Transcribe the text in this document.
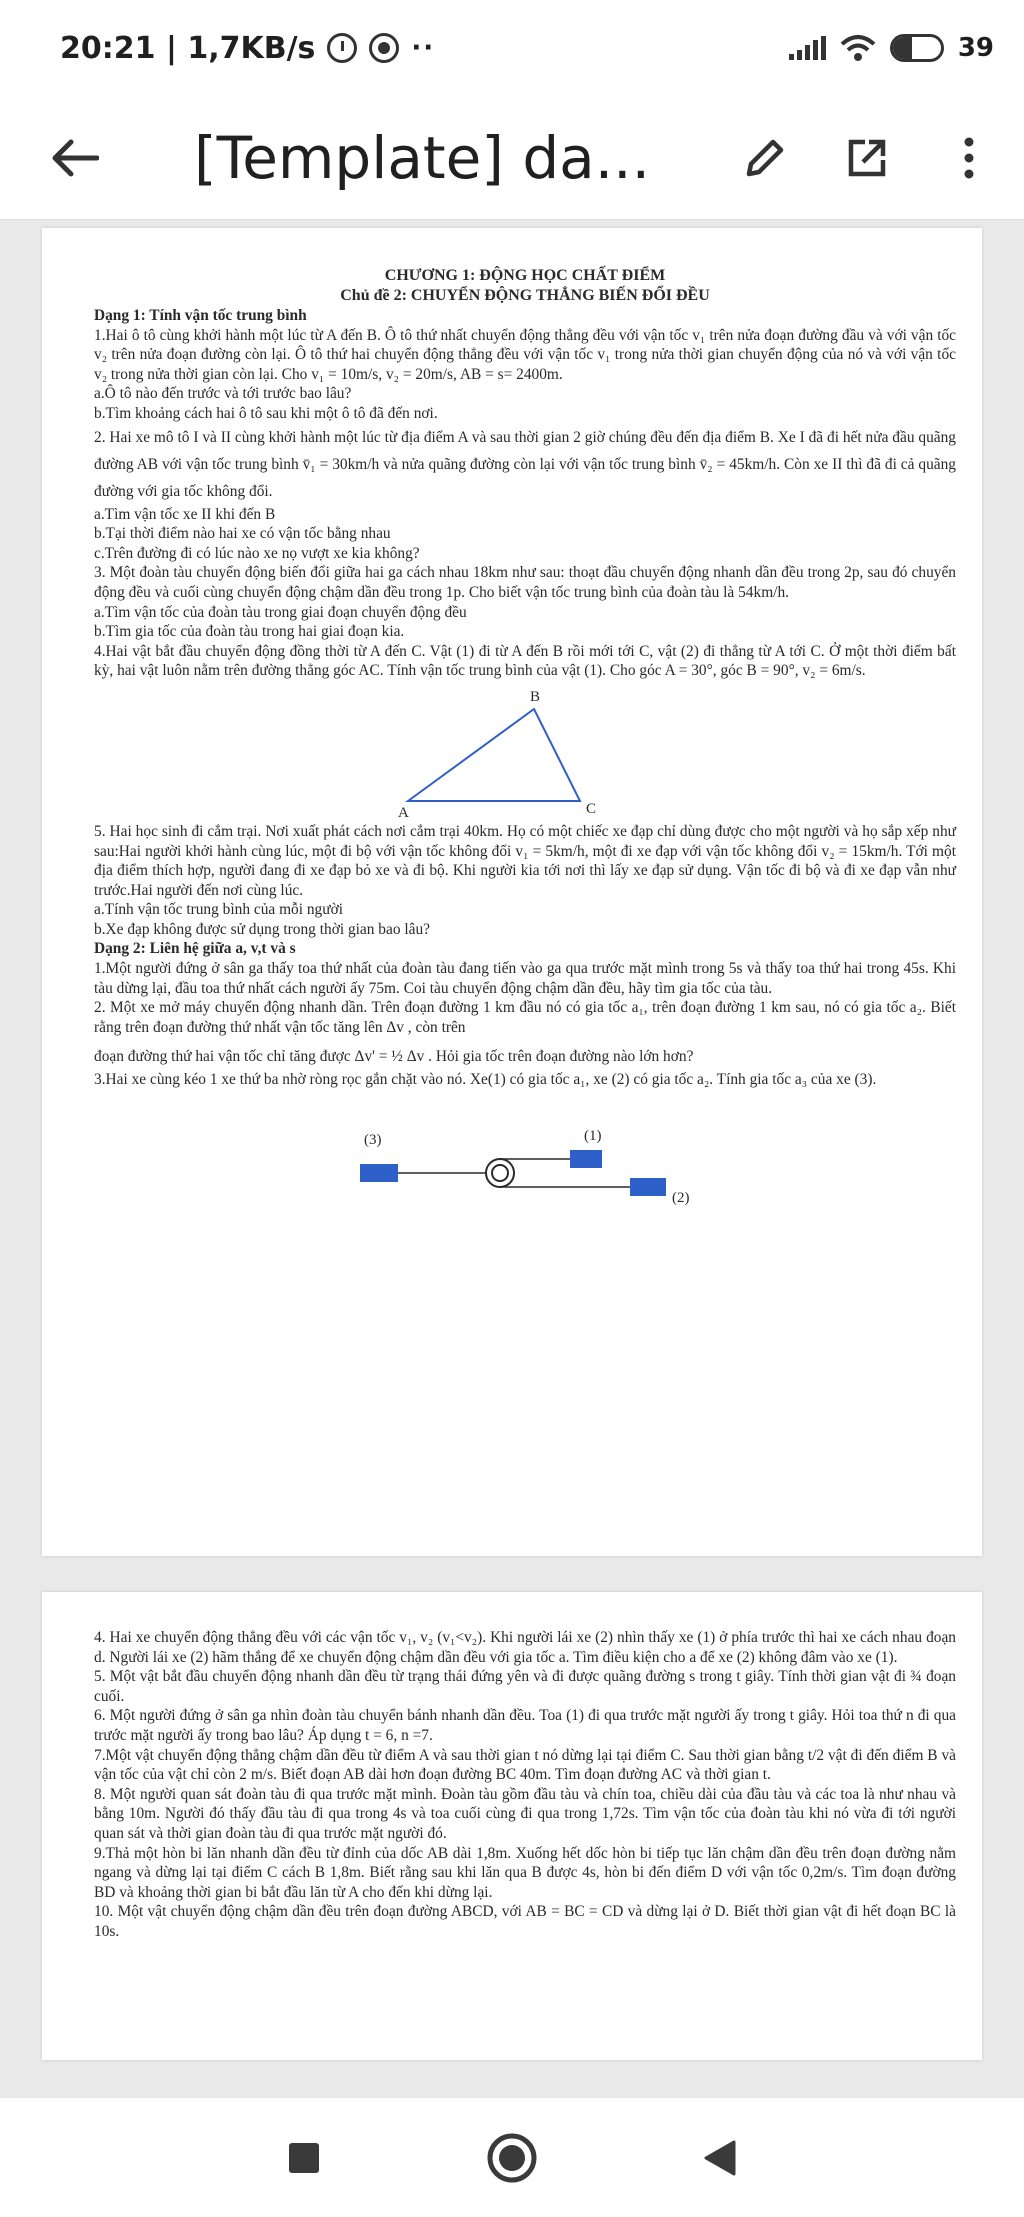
20:21 | 1,7KB/s	··	39
[Template] da...

CHƯƠNG 1: ĐỘNG HỌC CHẤT ĐIỂM

Chủ đề 2: CHUYỂN ĐỘNG THẲNG BIẾN ĐỔI ĐỀU

Dạng 1: Tính vận tốc trung bình

1.Hai ô tô cùng khởi hành một lúc từ A đến B. Ô tô thứ nhất chuyển động thẳng đều với vận tốc v₁ trên nửa đoạn đường đầu và với vận tốc v₂ trên nửa đoạn đường còn lại. Ô tô thứ hai chuyển động thẳng đều với vận tốc v₁ trong nửa thời gian chuyển động của nó và với vận tốc v₂ trong nửa thời gian còn lại. Cho v₁ = 10m/s, v₂ = 20m/s, AB = s= 2400m.

a.Ô tô nào đến trước và tới trước bao lâu?

b.Tìm khoảng cách hai ô tô sau khi một ô tô đã đến nơi.

2. Hai xe mô tô I và II cùng khởi hành một lúc từ địa điểm A và sau thời gian 2 giờ chúng đều đến địa điểm B. Xe I đã đi hết nửa đầu quãng đường AB với vận tốc trung bình v̄₁ = 30km/h và nửa quãng đường còn lại với vận tốc trung bình v̄₂ = 45km/h. Còn xe II thì đã đi cả quãng đường với gia tốc không đổi.

a.Tìm vận tốc xe II khi đến B

b.Tại thời điểm nào hai xe có vận tốc bằng nhau

c.Trên đường đi có lúc nào xe nọ vượt xe kia không?

3. Một đoàn tàu chuyển động biến đổi giữa hai ga cách nhau 18km như sau: thoạt đầu chuyển động nhanh dần đều trong 2p, sau đó chuyển động đều và cuối cùng chuyển động chậm dần đều trong 1p. Cho biết vận tốc trung bình của đoàn tàu là 54km/h.

a.Tìm vận tốc của đoàn tàu trong giai đoạn chuyển động đều

b.Tìm gia tốc của đoàn tàu trong hai giai đoạn kia.

4.Hai vật bắt đầu chuyển động đồng thời từ A đến C. Vật (1) đi từ A đến B rồi mới tới C, vật (2) đi thẳng từ A tới C. Ở một thời điểm bất kỳ, hai vật luôn nằm trên đường thẳng góc AC. Tính vận tốc trung bình của vật (1). Cho góc A = 30°, góc B = 90°, v₂ = 6m/s.

B
A	C

5. Hai học sinh đi cắm trại. Nơi xuất phát cách nơi cắm trại 40km. Họ có một chiếc xe đạp chỉ dùng được cho một người và họ sắp xếp như sau:Hai người khởi hành cùng lúc, một đi bộ với vận tốc không đổi v₁ = 5km/h, một đi xe đạp với vận tốc không đổi v₂ = 15km/h. Tới một địa điểm thích hợp, người đang đi xe đạp bỏ xe và đi bộ. Khi người kia tới nơi thì lấy xe đạp sử dụng. Vận tốc đi bộ và đi xe đạp vẫn như trước.Hai người đến nơi cùng lúc.

a.Tính vận tốc trung bình của mỗi người

b.Xe đạp không được sử dụng trong thời gian bao lâu?

Dạng 2: Liên hệ giữa a, v,t và s

1.Một người đứng ở sân ga thấy toa thứ nhất của đoàn tàu đang tiến vào ga qua trước mặt mình trong 5s và thấy toa thứ hai trong 45s. Khi tàu dừng lại, đầu toa thứ nhất cách người ấy 75m. Coi tàu chuyển động chậm dần đều, hãy tìm gia tốc của tàu.

2. Một xe mở máy chuyển động nhanh dần. Trên đoạn đường 1 km đầu nó có gia tốc a₁, trên đoạn đường 1 km sau, nó có gia tốc a₂. Biết rằng trên đoạn đường thứ nhất vận tốc tăng lên Δv , còn trên

đoạn đường thứ hai vận tốc chỉ tăng được Δv' = ½ Δv . Hỏi gia tốc trên đoạn đường nào lớn hơn?

3.Hai xe cùng kéo 1 xe thứ ba nhờ ròng rọc gắn chặt vào nó. Xe(1) có gia tốc a₁, xe (2) có gia tốc a₂. Tính gia tốc a₃ của xe (3).

(3)	(1)
(2)

4. Hai xe chuyển động thẳng đều với các vận tốc v₁, v₂ (v₁<v₂). Khi người lái xe (2) nhìn thấy xe (1) ở phía trước thì hai xe cách nhau đoạn d. Người lái xe (2) hãm thắng để xe chuyển động chậm dần đều với gia tốc a. Tìm điều kiện cho a để xe (2) không đâm vào xe (1).

5. Một vật bắt đầu chuyển động nhanh dần đều từ trạng thái đứng yên và đi được quãng đường s trong t giây. Tính thời gian vật đi ¾ đoạn cuối.

6. Một người đứng ở sân ga nhìn đoàn tàu chuyển bánh nhanh dần đều. Toa (1) đi qua trước mặt người ấy trong t giây. Hỏi toa thứ n đi qua trước mặt người ấy trong bao lâu? Áp dụng t = 6, n =7.

7.Một vật chuyển động thẳng chậm dần đều từ điểm A và sau thời gian t nó dừng lại tại điểm C. Sau thời gian bằng t/2 vật đi đến điểm B và vận tốc của vật chỉ còn 2 m/s. Biết đoạn AB dài hơn đoạn đường BC 40m. Tìm đoạn đường AC và thời gian t.

8. Một người quan sát đoàn tàu đi qua trước mặt mình. Đoàn tàu gồm đầu tàu và chín toa, chiều dài của đầu tàu và các toa là như nhau và bằng 10m. Người đó thấy đầu tàu đi qua trong 4s và toa cuối cùng đi qua trong 1,72s. Tìm vận tốc của đoàn tàu khi nó vừa đi tới người quan sát và thời gian đoàn tàu đi qua trước mặt người đó.

9.Thả một hòn bi lăn nhanh dần đều từ đỉnh của dốc AB dài 1,8m. Xuống hết dốc hòn bi tiếp tục lăn chậm dần đều trên đoạn đường nằm ngang và dừng lại tại điểm C cách B 1,8m. Biết rằng sau khi lăn qua B được 4s, hòn bi đến điểm D với vận tốc 0,2m/s. Tìm đoạn đường BD và khoảng thời gian bi bắt đầu lăn từ A cho đến khi dừng lại.

10. Một vật chuyển động chậm dần đều trên đoạn đường ABCD, với AB = BC = CD và dừng lại ở D. Biết thời gian vật đi hết đoạn BC là 10s.
